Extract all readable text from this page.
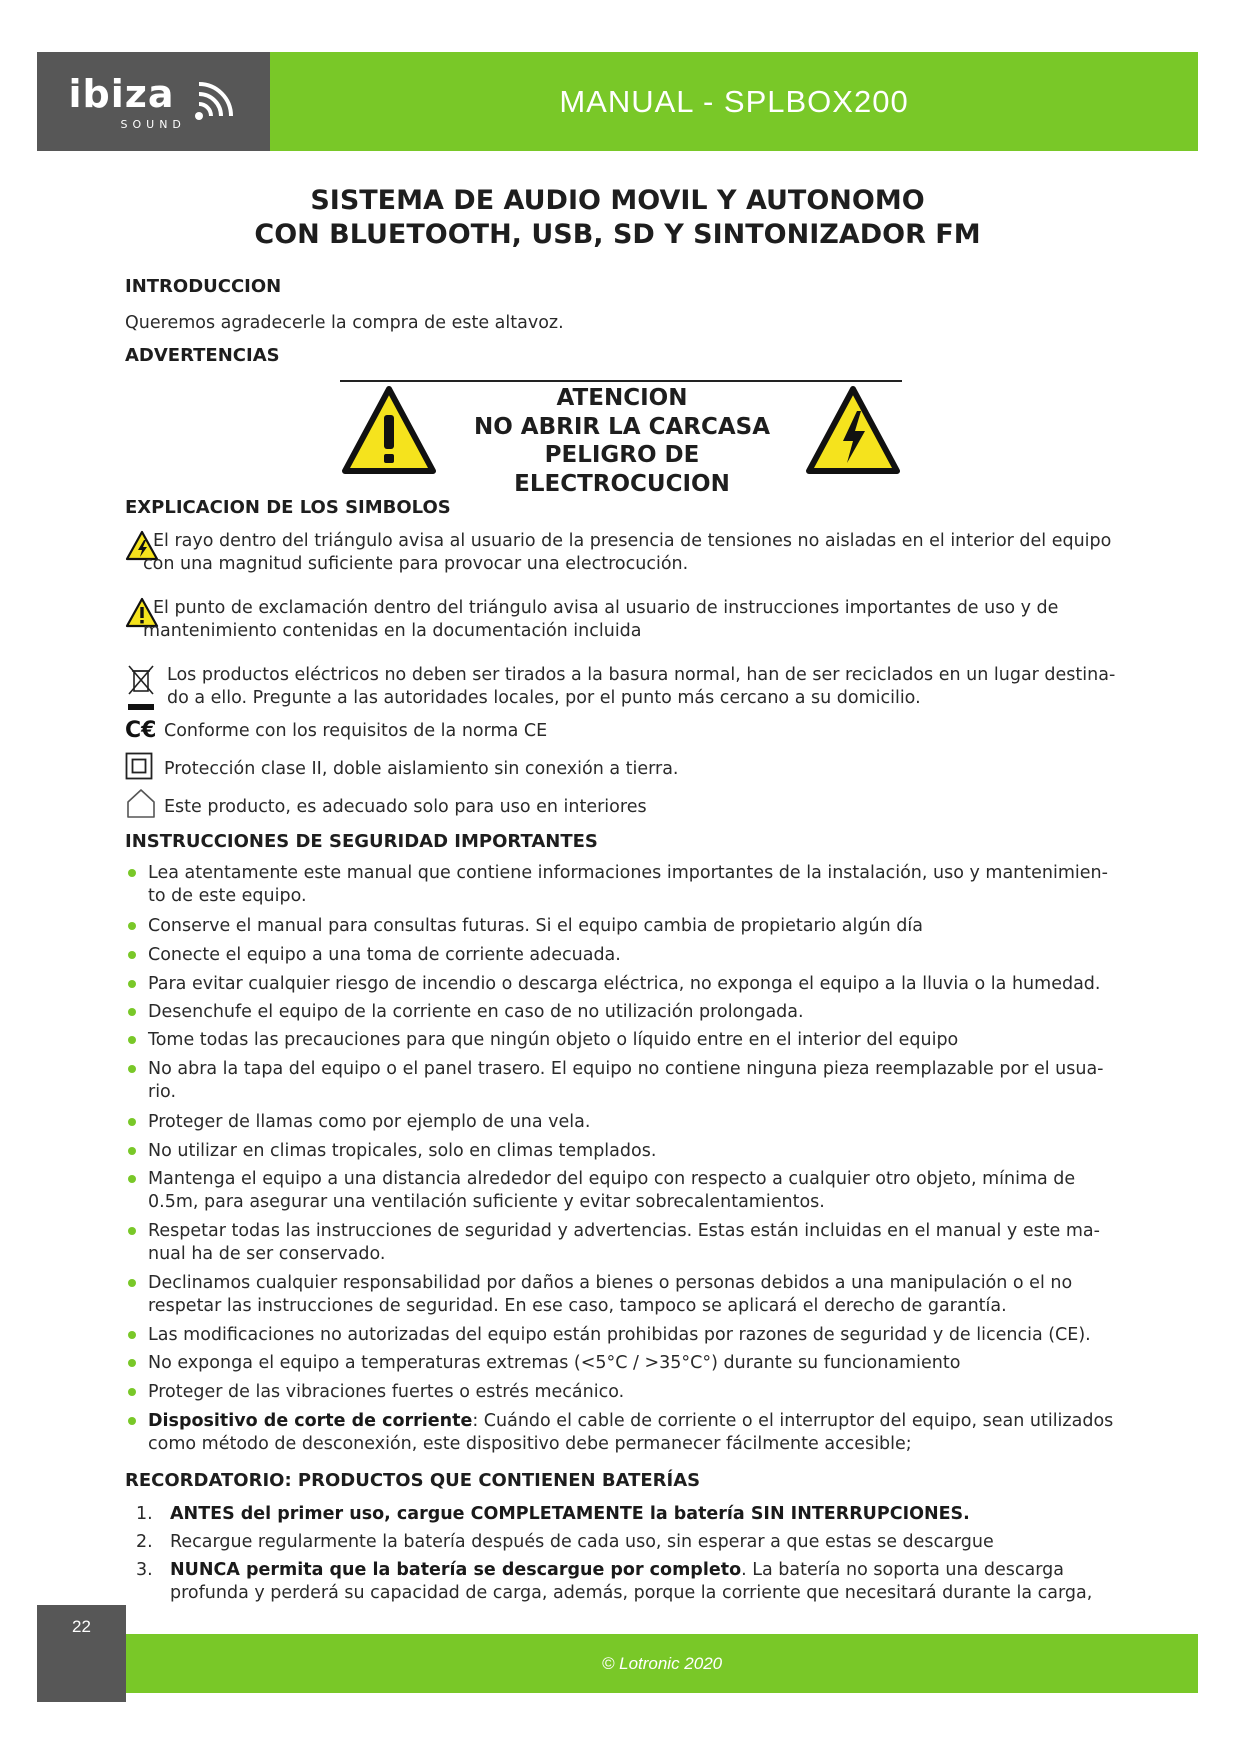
ibiza
SOUND
MANUAL - SPLBOX200
SISTEMA DE AUDIO MOVIL Y AUTONOMO
CON BLUETOOTH, USB, SD Y SINTONIZADOR FM
INTRODUCCION
Queremos agradecerle la compra de este altavoz.
ADVERTENCIAS
ATENCION
NO ABRIR LA CARCASA
PELIGRO DE ELECTROCUCION
EXPLICACION DE LOS SIMBOLOS
El rayo dentro del triángulo avisa al usuario de la presencia de tensiones no aisladas en el interior del equipo con una magnitud suficiente para provocar una electrocución.
El punto de exclamación dentro del triángulo avisa al usuario de instrucciones importantes de uso y de mantenimiento contenidas en la documentación incluida
Los productos eléctricos no deben ser tirados a la basura normal, han de ser reciclados en un lugar destina-do a ello. Pregunte a las autoridades locales, por el punto más cercano a su domicilio.
C€ Conforme con los requisitos de la norma CE
Protección clase II, doble aislamiento sin conexión a tierra.
Este producto, es adecuado solo para uso en interiores
INSTRUCCIONES DE SEGURIDAD IMPORTANTES
Lea atentamente este manual que contiene informaciones importantes de la instalación, uso y mantenimien-to de este equipo.
Conserve el manual para consultas futuras. Si el equipo cambia de propietario algún día
Conecte el equipo a una toma de corriente adecuada.
Para evitar cualquier riesgo de incendio o descarga eléctrica, no exponga el equipo a la lluvia o la humedad.
Desenchufe el equipo de la corriente en caso de no utilización prolongada.
Tome todas las precauciones para que ningún objeto o líquido entre en el interior del equipo
No abra la tapa del equipo o el panel trasero. El equipo no contiene ninguna pieza reemplazable por el usua-rio.
Proteger de llamas como por ejemplo de una vela.
No utilizar en climas tropicales, solo en climas templados.
Mantenga el equipo a una distancia alrededor del equipo con respecto a cualquier otro objeto, mínima de 0.5m, para asegurar una ventilación suficiente y evitar sobrecalentamientos.
Respetar todas las instrucciones de seguridad y advertencias. Estas están incluidas en el manual y este ma-nual ha de ser conservado.
Declinamos cualquier responsabilidad por daños a bienes o personas debidos a una manipulación o el no respetar las instrucciones de seguridad. En ese caso, tampoco se aplicará el derecho de garantía.
Las modificaciones no autorizadas del equipo están prohibidas por razones de seguridad y de licencia (CE).
No exponga el equipo a temperaturas extremas (<5°C / >35°C°) durante su funcionamiento
Proteger de las vibraciones fuertes o estrés mecánico.
Dispositivo de corte de corriente: Cuándo el cable de corriente o el interruptor del equipo, sean utilizados como método de desconexión, este dispositivo debe permanecer fácilmente accesible;
RECORDATORIO: PRODUCTOS QUE CONTIENEN BATERÍAS
1. ANTES del primer uso, cargue COMPLETAMENTE la batería SIN INTERRUPCIONES.
2. Recargue regularmente la batería después de cada uso, sin esperar a que estas se descargue
3. NUNCA permita que la batería se descargue por completo. La batería no soporta una descarga profunda y perderá su capacidad de carga, además, porque la corriente que necesitará durante la carga,
22
© Lotronic 2020
